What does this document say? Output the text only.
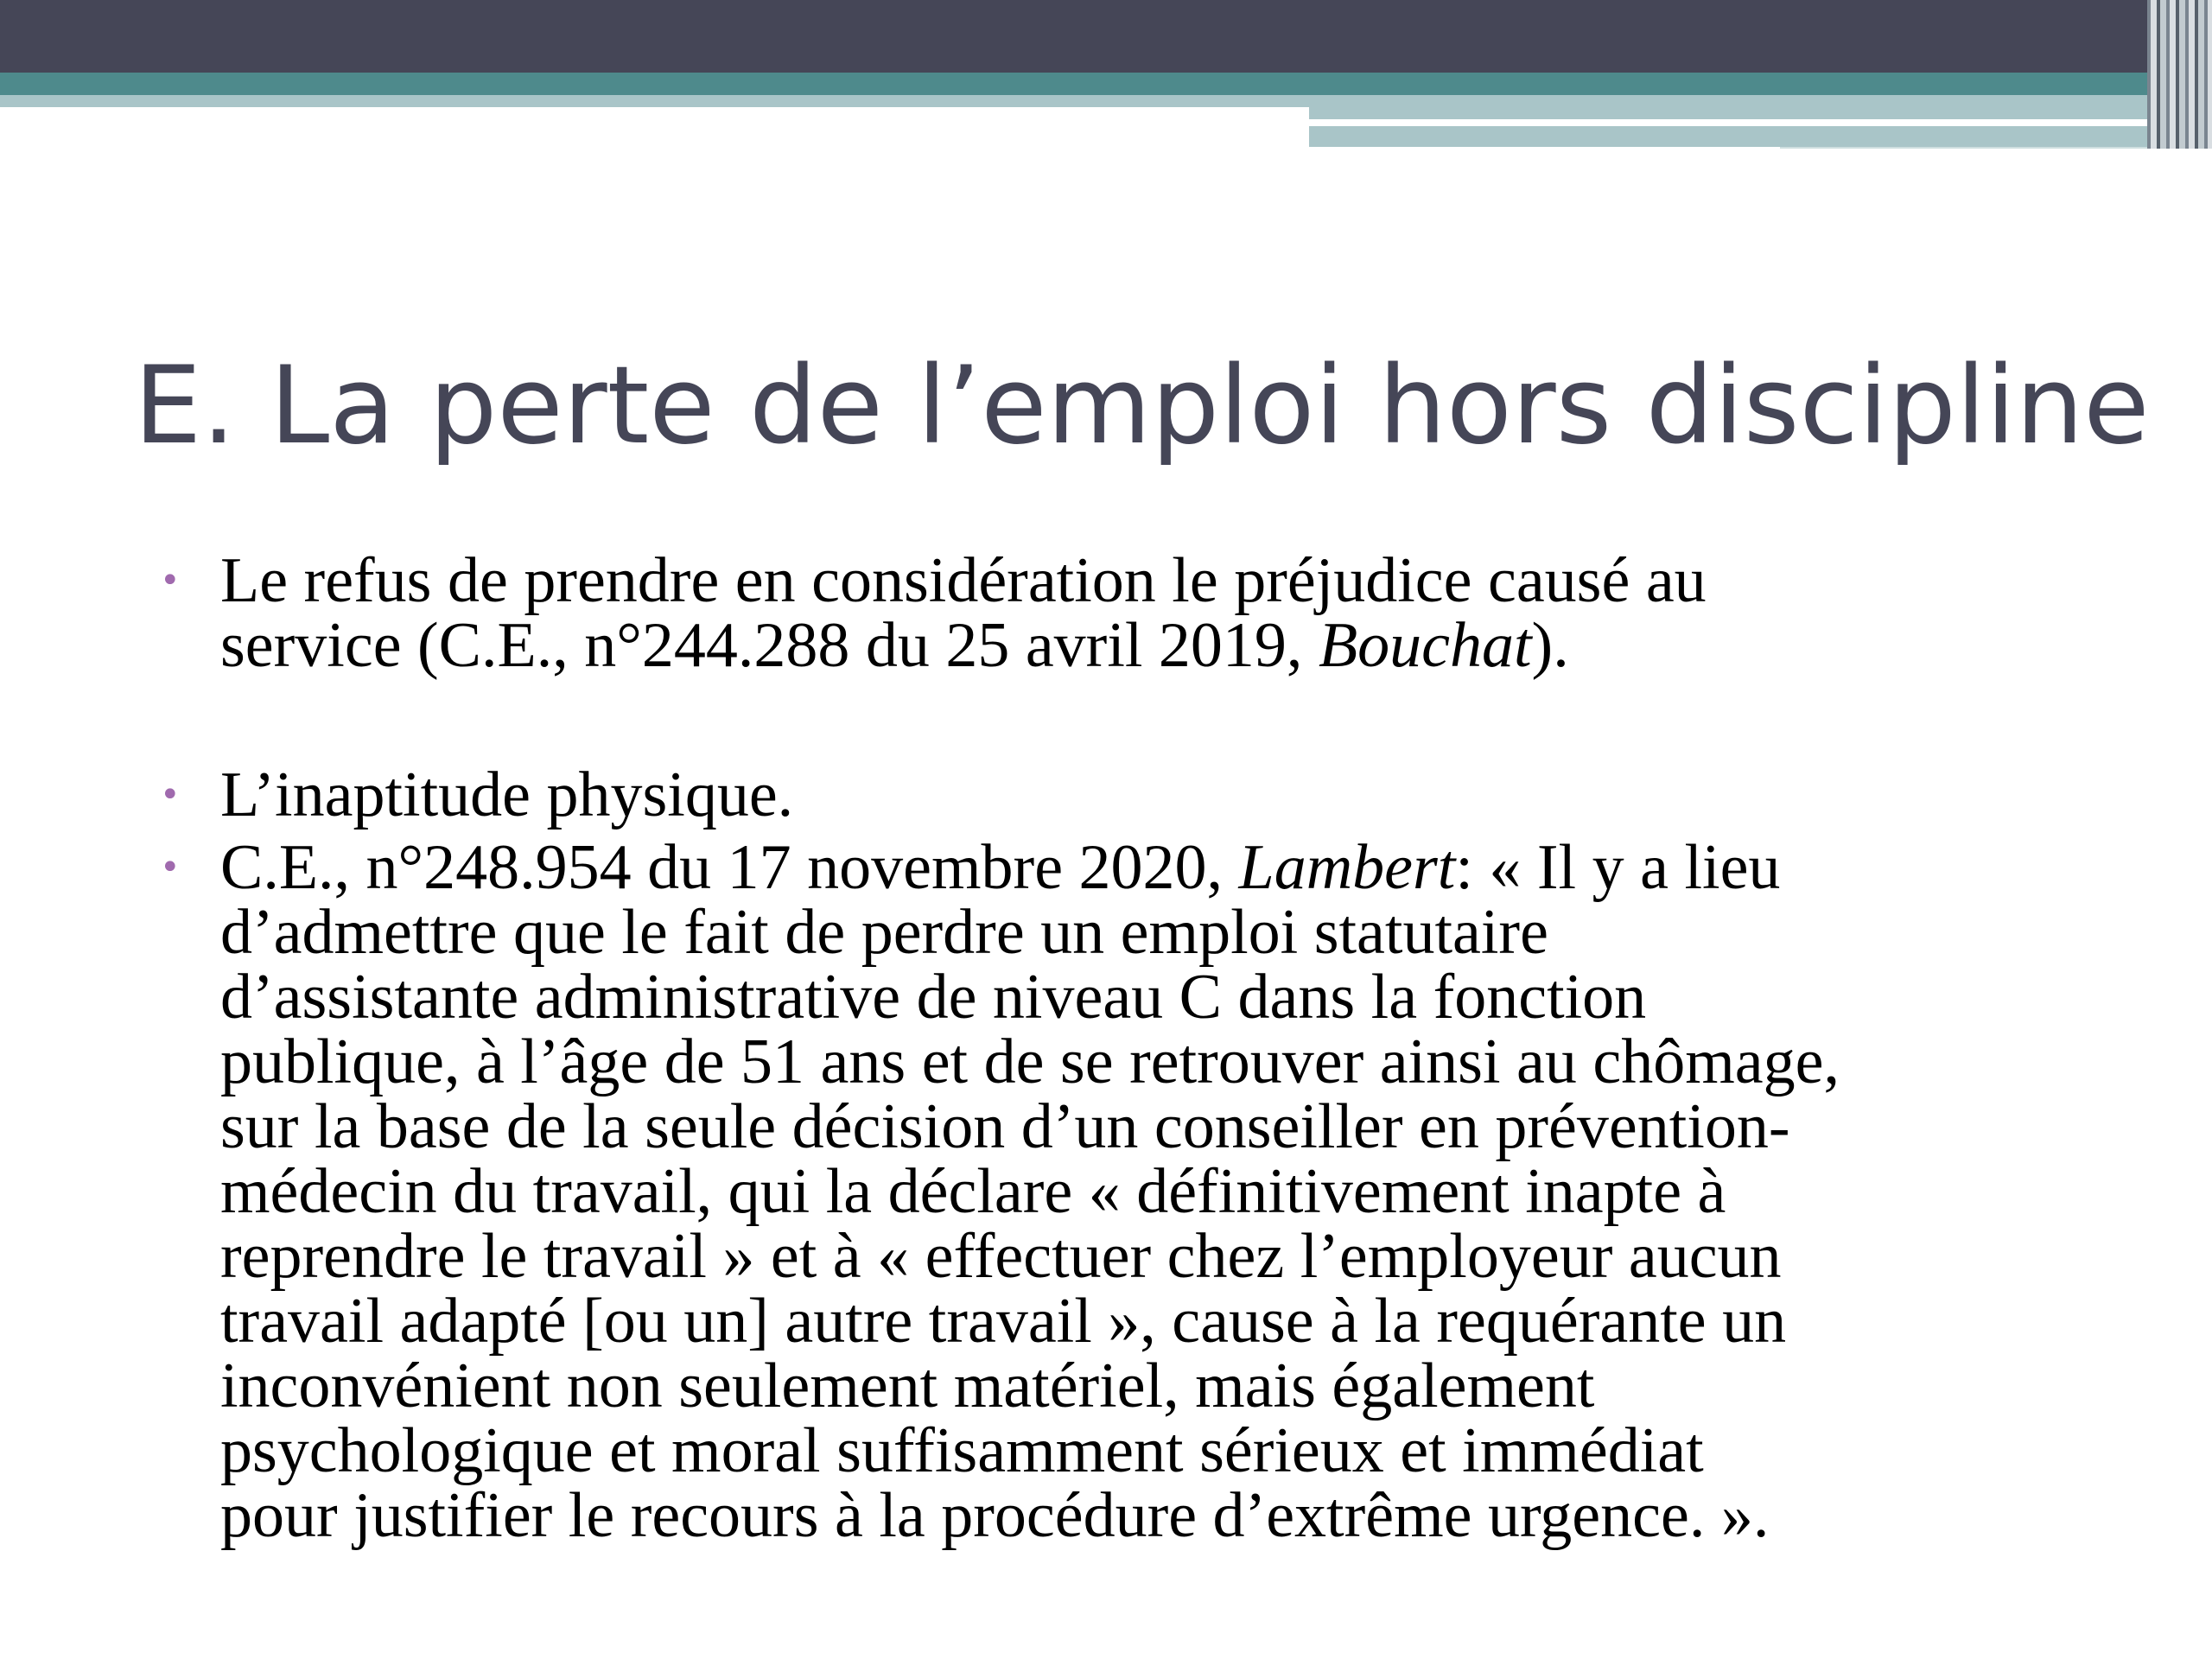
E. La perte de l’emploi hors discipline
• Le refus de prendre en considération le préjudice causé au
service (C.E., n°244.288 du 25 avril 2019, Bouchat).
• L’inaptitude physique.
• C.E., n°248.954 du 17 novembre 2020, Lambert: « Il y a lieu
d’admettre que le fait de perdre un emploi statutaire
d’assistante administrative de niveau C dans la fonction
publique, à l’âge de 51 ans et de se retrouver ainsi au chômage,
sur la base de la seule décision d’un conseiller en prévention-
médecin du travail, qui la déclare « définitivement inapte à
reprendre le travail » et à « effectuer chez l’employeur aucun
travail adapté [ou un] autre travail », cause à la requérante un
inconvénient non seulement matériel, mais également
psychologique et moral suffisamment sérieux et immédiat
pour justifier le recours à la procédure d’extrême urgence. ».
